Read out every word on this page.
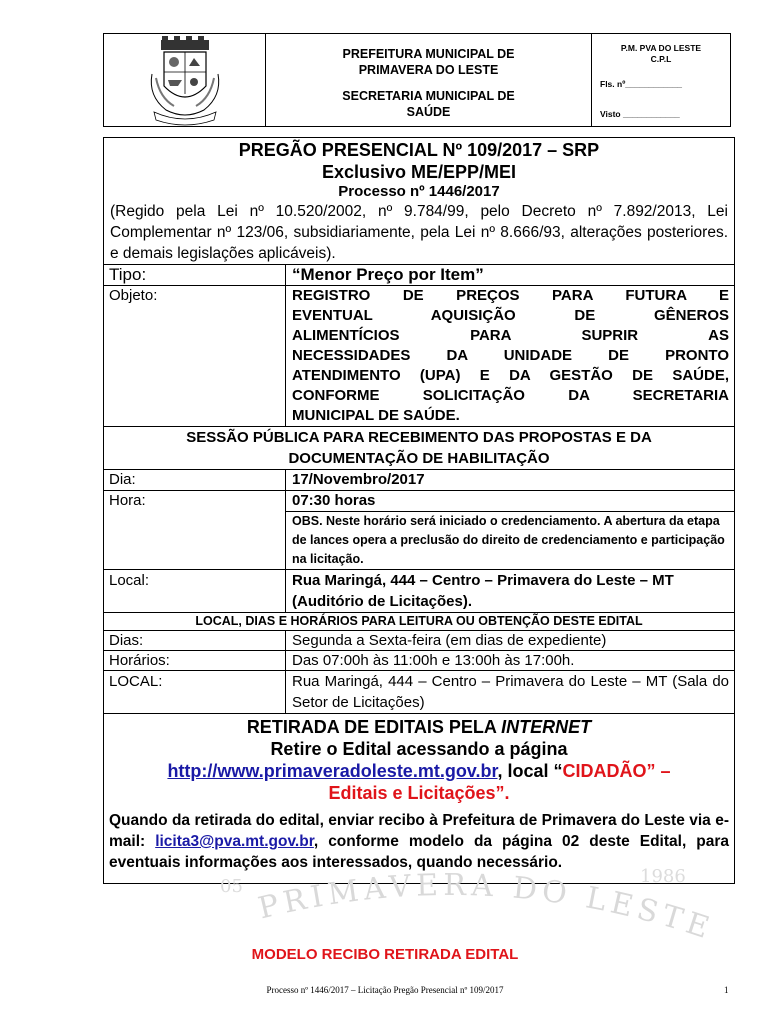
PREFEITURA MUNICIPAL DE
PRIMAVERA DO LESTE
SECRETARIA MUNICIPAL DE
SAÚDE
P.M. PVA DO LESTE
C.P.L
Fls. nº____________
Visto ____________
PREGÃO PRESENCIAL Nº 109/2017 – SRP
Exclusivo ME/EPP/MEI
Processo nº 1446/2017
(Regido pela Lei nº 10.520/2002, nº 9.784/99, pelo Decreto nº 7.892/2013, Lei Complementar nº 123/06, subsidiariamente, pela Lei nº 8.666/93, alterações posteriores. e demais legislações aplicáveis).
Tipo:	“Menor Preço por Item”
Objeto:	REGISTRO DE PREÇOS PARA FUTURA E
EVENTUAL AQUISIÇÃO DE GÊNEROS
ALIMENTÍCIOS PARA SUPRIR AS
NECESSIDADES DA UNIDADE DE PRONTO
ATENDIMENTO (UPA) E DA GESTÃO DE SAÚDE,
CONFORME SOLICITAÇÃO DA SECRETARIA
MUNICIPAL DE SAÚDE.
SESSÃO PÚBLICA PARA RECEBIMENTO DAS PROPOSTAS E DA
DOCUMENTAÇÃO DE HABILITAÇÃO
Dia:	17/Novembro/2017
Hora:	07:30 horas
OBS. Neste horário será iniciado o credenciamento. A abertura da etapa de lances opera a preclusão do direito de credenciamento e participação na licitação.
Local:	Rua Maringá, 444 – Centro – Primavera do Leste – MT (Auditório de Licitações).
LOCAL, DIAS E HORÁRIOS PARA LEITURA OU OBTENÇÃO DESTE EDITAL
Dias:	Segunda a Sexta-feira (em dias de expediente)
Horários:	Das 07:00h às 11:00h e 13:00h às 17:00h.
LOCAL:	Rua Maringá, 444 – Centro – Primavera do Leste – MT (Sala do Setor de Licitações)
RETIRADA DE EDITAIS PELA INTERNET
Retire o Edital acessando a página
http://www.primaveradoleste.mt.gov.br, local “CIDADÃO” –
Editais e Licitações”.
Quando da retirada do edital, enviar recibo à Prefeitura de Primavera do Leste via e-mail: licita3@pva.mt.gov.br, conforme modelo da página 02 deste Edital, para eventuais informações aos interessados, quando necessário.
PRIMAVERA DO LESTE
05	1986
MODELO RECIBO RETIRADA EDITAL
Processo nº 1446/2017 – Licitação Pregão Presencial nº 109/2017	1
